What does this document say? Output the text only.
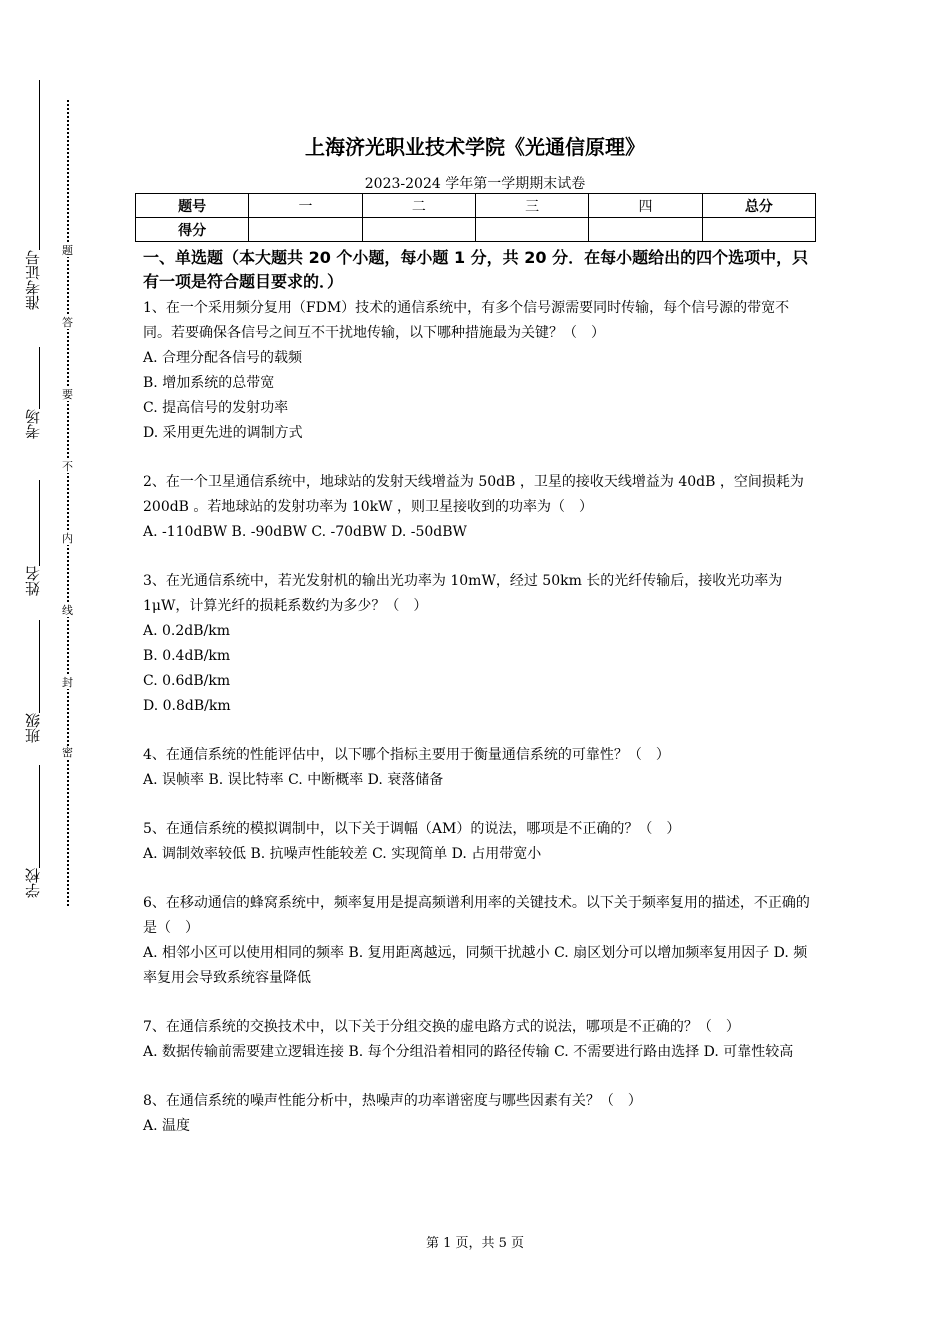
准考证号
考场
姓名
班级
学校
题
答
要
不
内
线
封
密
上海济光职业技术学院《光通信原理》
2023-2024 学年第一学期期末试卷
题号	一	二	三	四	总分
得分					

一、单选题（本大题共 20 个小题，每小题 1 分，共 20 分．在每小题给出的四个选项中，只有一项是符合题目要求的．）

1、在一个采用频分复用（FDM）技术的通信系统中，有多个信号源需要同时传输，每个信号源的带宽不同。若要确保各信号之间互不干扰地传输，以下哪种措施最为关键？（　）

A. 合理分配各信号的载频

B. 增加系统的总带宽

C. 提高信号的发射功率

D. 采用更先进的调制方式

2、在一个卫星通信系统中，地球站的发射天线增益为 50dB ，卫星的接收天线增益为 40dB ，空间损耗为 200dB 。若地球站的发射功率为 10kW ，则卫星接收到的功率为（　）

A. -110dBW B. -90dBW C. -70dBW D. -50dBW

3、在光通信系统中，若光发射机的输出光功率为 10mW，经过 50km 长的光纤传输后，接收光功率为 1μW，计算光纤的损耗系数约为多少？（　）

A. 0.2dB/km

B. 0.4dB/km

C. 0.6dB/km

D. 0.8dB/km

4、在通信系统的性能评估中，以下哪个指标主要用于衡量通信系统的可靠性？（　）

A. 误帧率 B. 误比特率 C. 中断概率 D. 衰落储备

5、在通信系统的模拟调制中，以下关于调幅（AM）的说法，哪项是不正确的？（　）

A. 调制效率较低 B. 抗噪声性能较差 C. 实现简单 D. 占用带宽小

6、在移动通信的蜂窝系统中，频率复用是提高频谱利用率的关键技术。以下关于频率复用的描述，不正确的是（　）

A. 相邻小区可以使用相同的频率 B. 复用距离越远，同频干扰越小 C. 扇区划分可以增加频率复用因子 D. 频率复用会导致系统容量降低

7、在通信系统的交换技术中，以下关于分组交换的虚电路方式的说法，哪项是不正确的？（　）

A. 数据传输前需要建立逻辑连接 B. 每个分组沿着相同的路径传输 C. 不需要进行路由选择 D. 可靠性较高

8、在通信系统的噪声性能分析中，热噪声的功率谱密度与哪些因素有关？（　）

A. 温度

第 1 页，共 5 页
